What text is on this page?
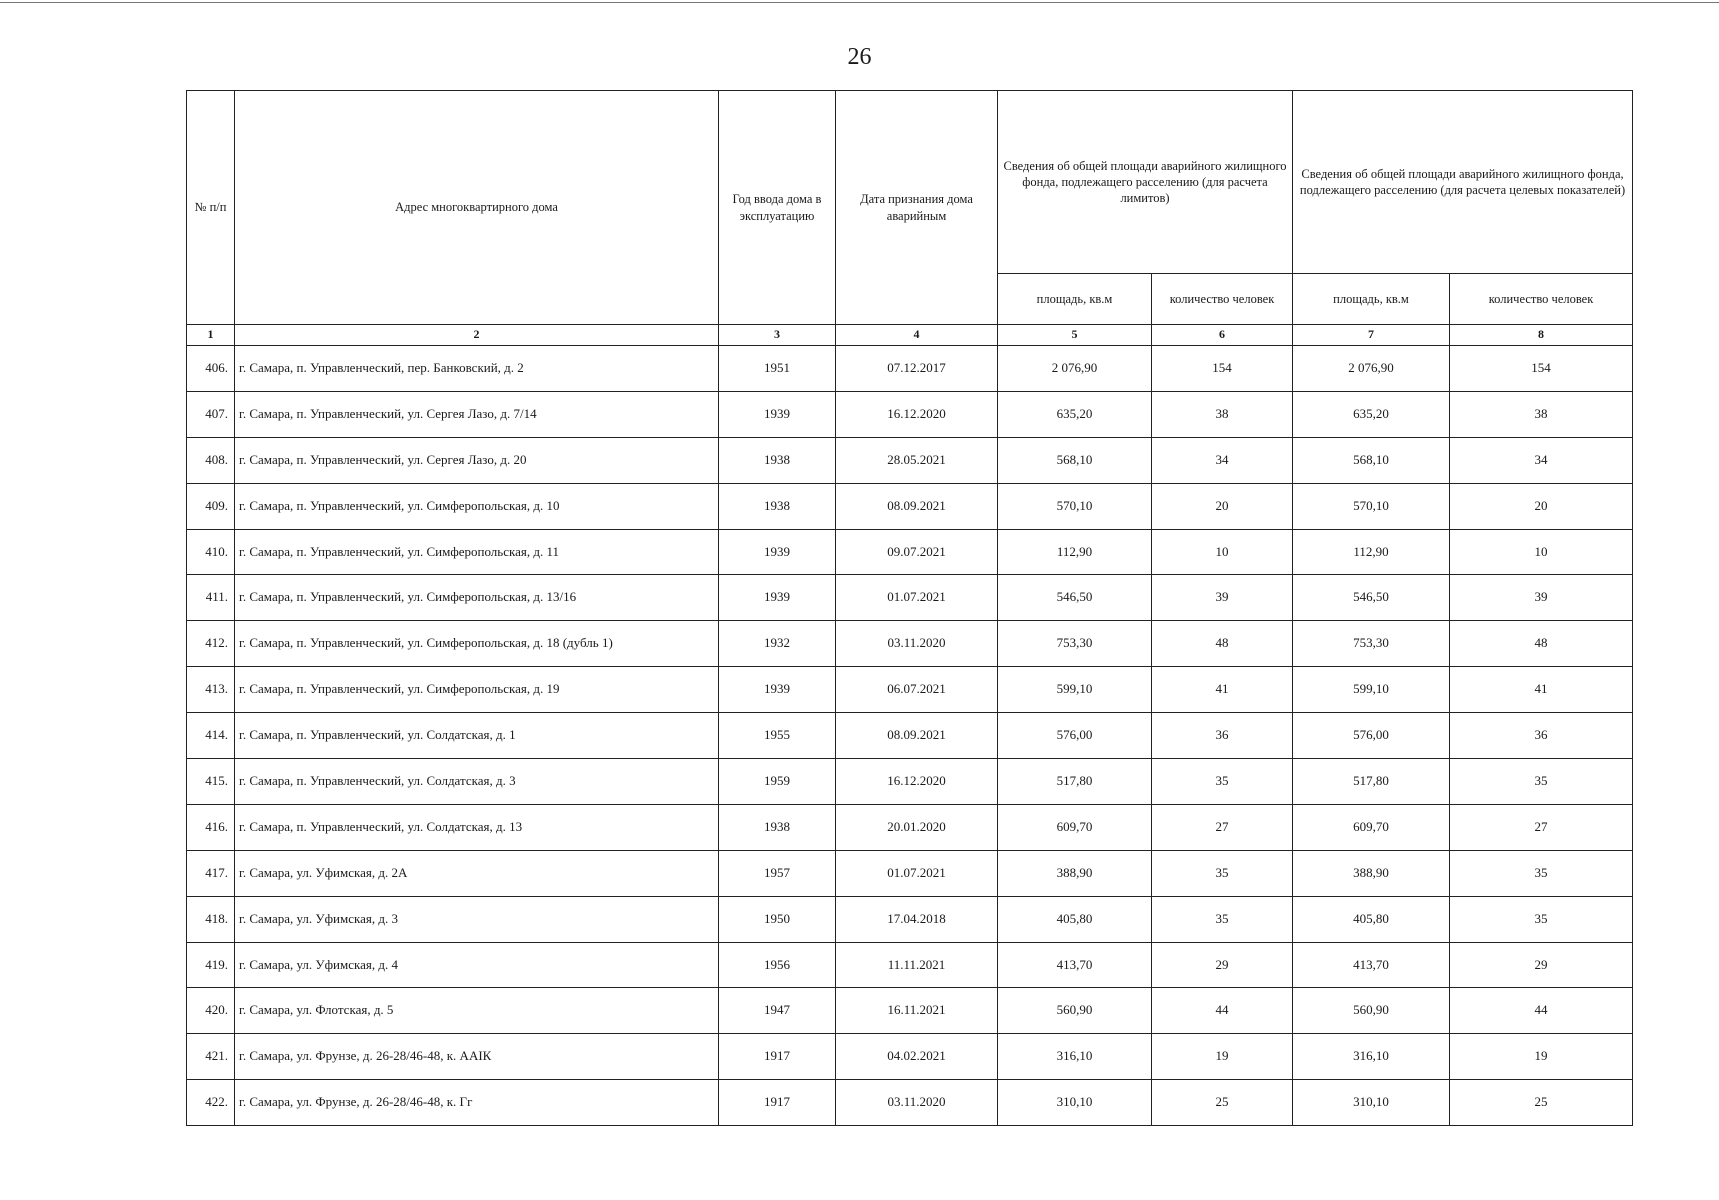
26
№ п/п	Адрес многоквартирного дома	Год ввода дома в эксплуатацию	Дата признания дома аварийным	Сведения об общей площади аварийного жилищного фонда, подлежащего расселению (для расчета лимитов)		Сведения об общей площади аварийного жилищного фонда, подлежащего расселению (для расчета целевых показателей)	
				площадь, кв.м	количество человек	площадь, кв.м	количество человек
1	2	3	4	5	6	7	8
406.	г. Самара, п. Управленческий, пер. Банковский, д. 2	1951	07.12.2017	2 076,90	154	2 076,90	154
407.	г. Самара, п. Управленческий, ул. Сергея Лазо, д. 7/14	1939	16.12.2020	635,20	38	635,20	38
408.	г. Самара, п. Управленческий, ул. Сергея Лазо, д. 20	1938	28.05.2021	568,10	34	568,10	34
409.	г. Самара, п. Управленческий, ул. Симферопольская, д. 10	1938	08.09.2021	570,10	20	570,10	20
410.	г. Самара, п. Управленческий, ул. Симферопольская, д. 11	1939	09.07.2021	112,90	10	112,90	10
411.	г. Самара, п. Управленческий, ул. Симферопольская, д. 13/16	1939	01.07.2021	546,50	39	546,50	39
412.	г. Самара, п. Управленческий, ул. Симферопольская, д. 18 (дубль 1)	1932	03.11.2020	753,30	48	753,30	48
413.	г. Самара, п. Управленческий, ул. Симферопольская, д. 19	1939	06.07.2021	599,10	41	599,10	41
414.	г. Самара, п. Управленческий, ул. Солдатская, д. 1	1955	08.09.2021	576,00	36	576,00	36
415.	г. Самара, п. Управленческий, ул. Солдатская, д. 3	1959	16.12.2020	517,80	35	517,80	35
416.	г. Самара, п. Управленческий, ул. Солдатская, д. 13	1938	20.01.2020	609,70	27	609,70	27
417.	г. Самара, ул. Уфимская, д. 2А	1957	01.07.2021	388,90	35	388,90	35
418.	г. Самара, ул. Уфимская, д. 3	1950	17.04.2018	405,80	35	405,80	35
419.	г. Самара, ул. Уфимская, д. 4	1956	11.11.2021	413,70	29	413,70	29
420.	г. Самара, ул. Флотская, д. 5	1947	16.11.2021	560,90	44	560,90	44
421.	г. Самара, ул. Фрунзе, д. 26-28/46-48, к. ААIК	1917	04.02.2021	316,10	19	316,10	19
422.	г. Самара, ул. Фрунзе, д. 26-28/46-48, к. Гг	1917	03.11.2020	310,10	25	310,10	25
